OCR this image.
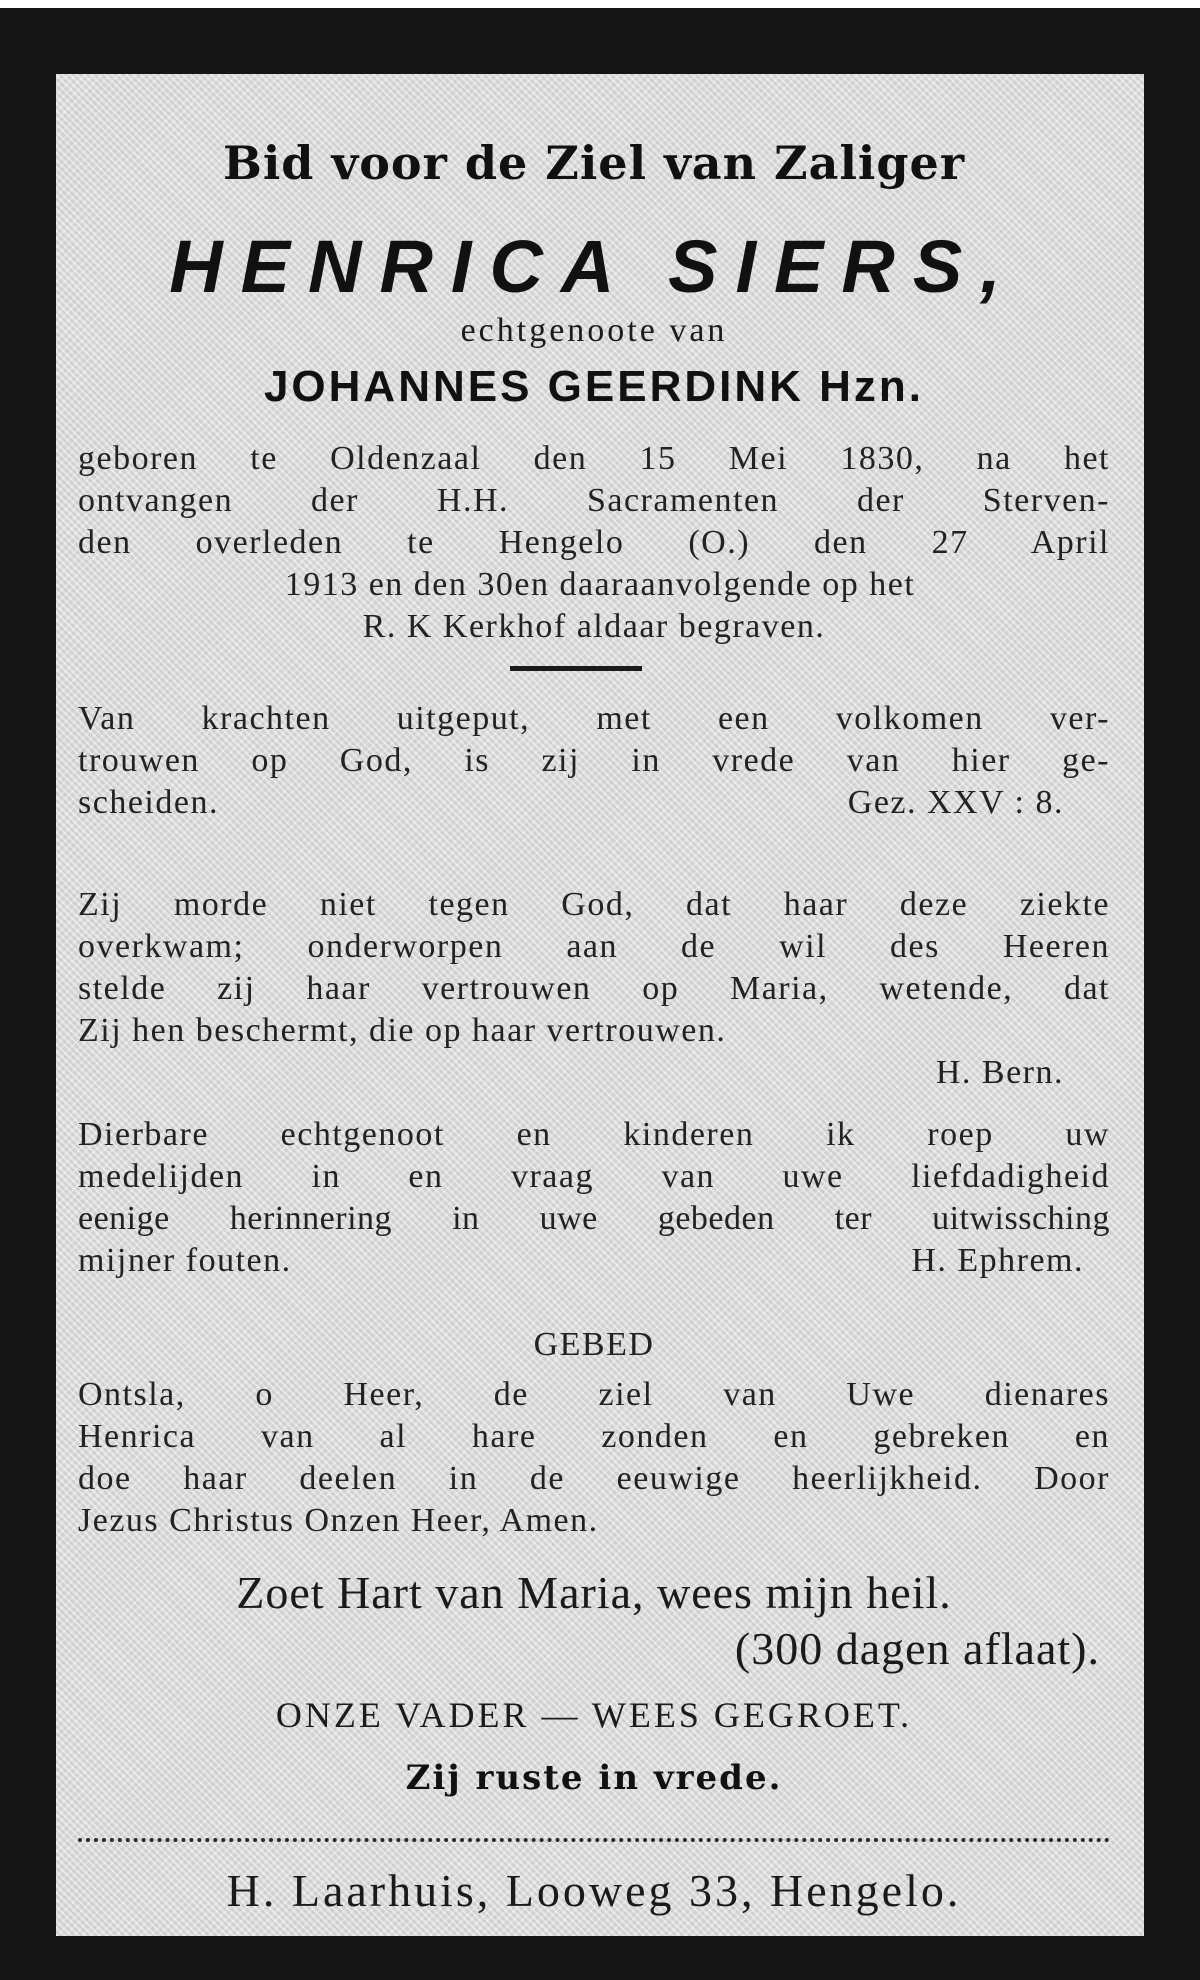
Bid voor de Ziel van Zaliger

HENRICA SIERS,

echtgenoote van

JOHANNES GEERDINK Hzn.

geboren te Oldenzaal den 15 Mei 1830, na het

ontvangen der H.H. Sacramenten der Sterven-

den overleden te Hengelo (O.) den 27 April

1913 en den 30en daaraanvolgende op het

R. K Kerkhof aldaar begraven.

Van krachten uitgeput, met een volkomen ver-

trouwen op God, is zij in vrede van hier ge-

scheiden.	Gez. XXV : 8.

Zij morde niet tegen God, dat haar deze ziekte

overkwam; onderworpen aan de wil des Heeren

stelde zij haar vertrouwen op Maria, wetende, dat

Zij hen beschermt, die op haar vertrouwen.

H. Bern.

Dierbare echtgenoot en kinderen ik roep uw

medelijden in en vraag van uwe liefdadigheid

eenige herinnering in uwe gebeden ter uitwissching

mijner fouten.	H. Ephrem.

GEBED

Ontsla, o Heer, de ziel van Uwe dienares

Henrica van al hare zonden en gebreken en

doe haar deelen in de eeuwige heerlijkheid. Door

Jezus Christus Onzen Heer, Amen.

Zoet Hart van Maria, wees mijn heil.

(300 dagen aflaat).

ONZE VADER — WEES GEGROET.

Zij ruste in vrede.

H. Laarhuis, Looweg 33, Hengelo.
